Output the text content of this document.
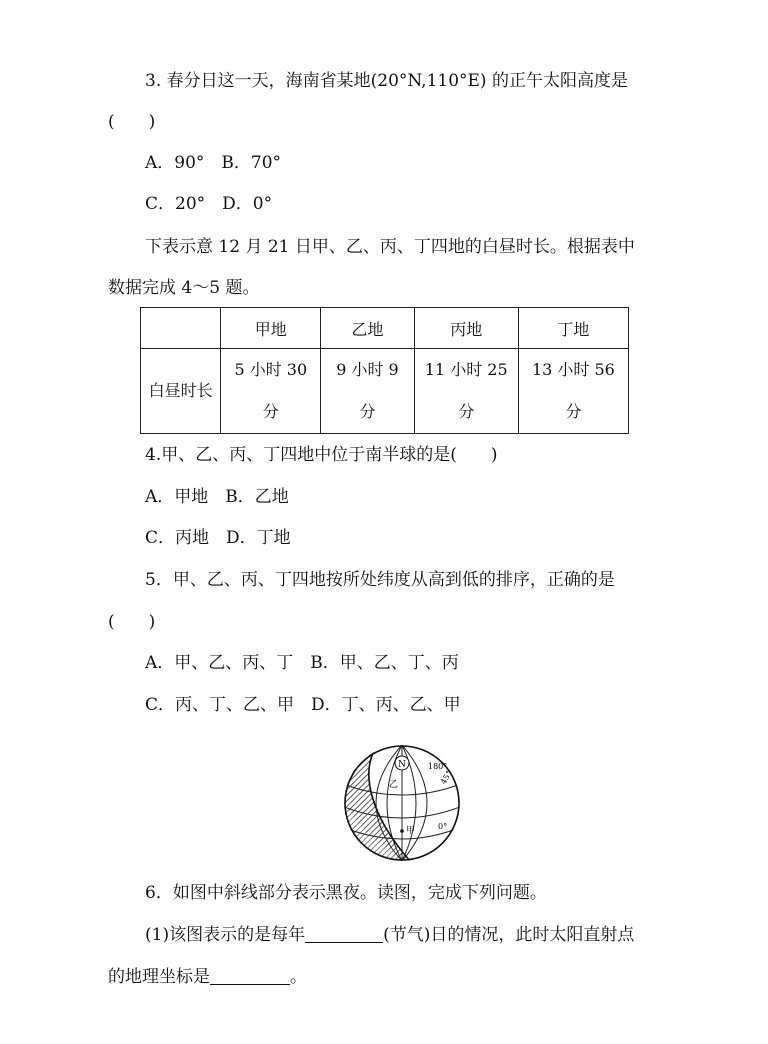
3. 春分日这一天，海南省某地(20°N,110°E) 的正午太阳高度是
(　　)
A．90°　B．70°
C．20°　D．0°
下表示意 12 月 21 日甲、乙、丙、丁四地的白昼时长。根据表中
数据完成 4～5 题。
	甲地	乙地	丙地	丁地

白昼时长	5 小时 30 分	9 小时 9 分	11 小时 25 分	13 小时 56 分
4.甲、乙、丙、丁四地中位于南半球的是(　　)
A．甲地　B．乙地
C．丙地　D．丁地
5．甲、乙、丙、丁四地按所处纬度从高到低的排序，正确的是
(　　)
A．甲、乙、丙、丁　B．甲、乙、丁、丙
C．丙、丁、乙、甲　D．丁、丙、乙、甲
N	180°
45°
0°
乙
甲
6．如图中斜线部分表示黑夜。读图，完成下列问题。
(1)该图表示的是每年	(节气)日的情况，此时太阳直射点
的地理坐标是	。
